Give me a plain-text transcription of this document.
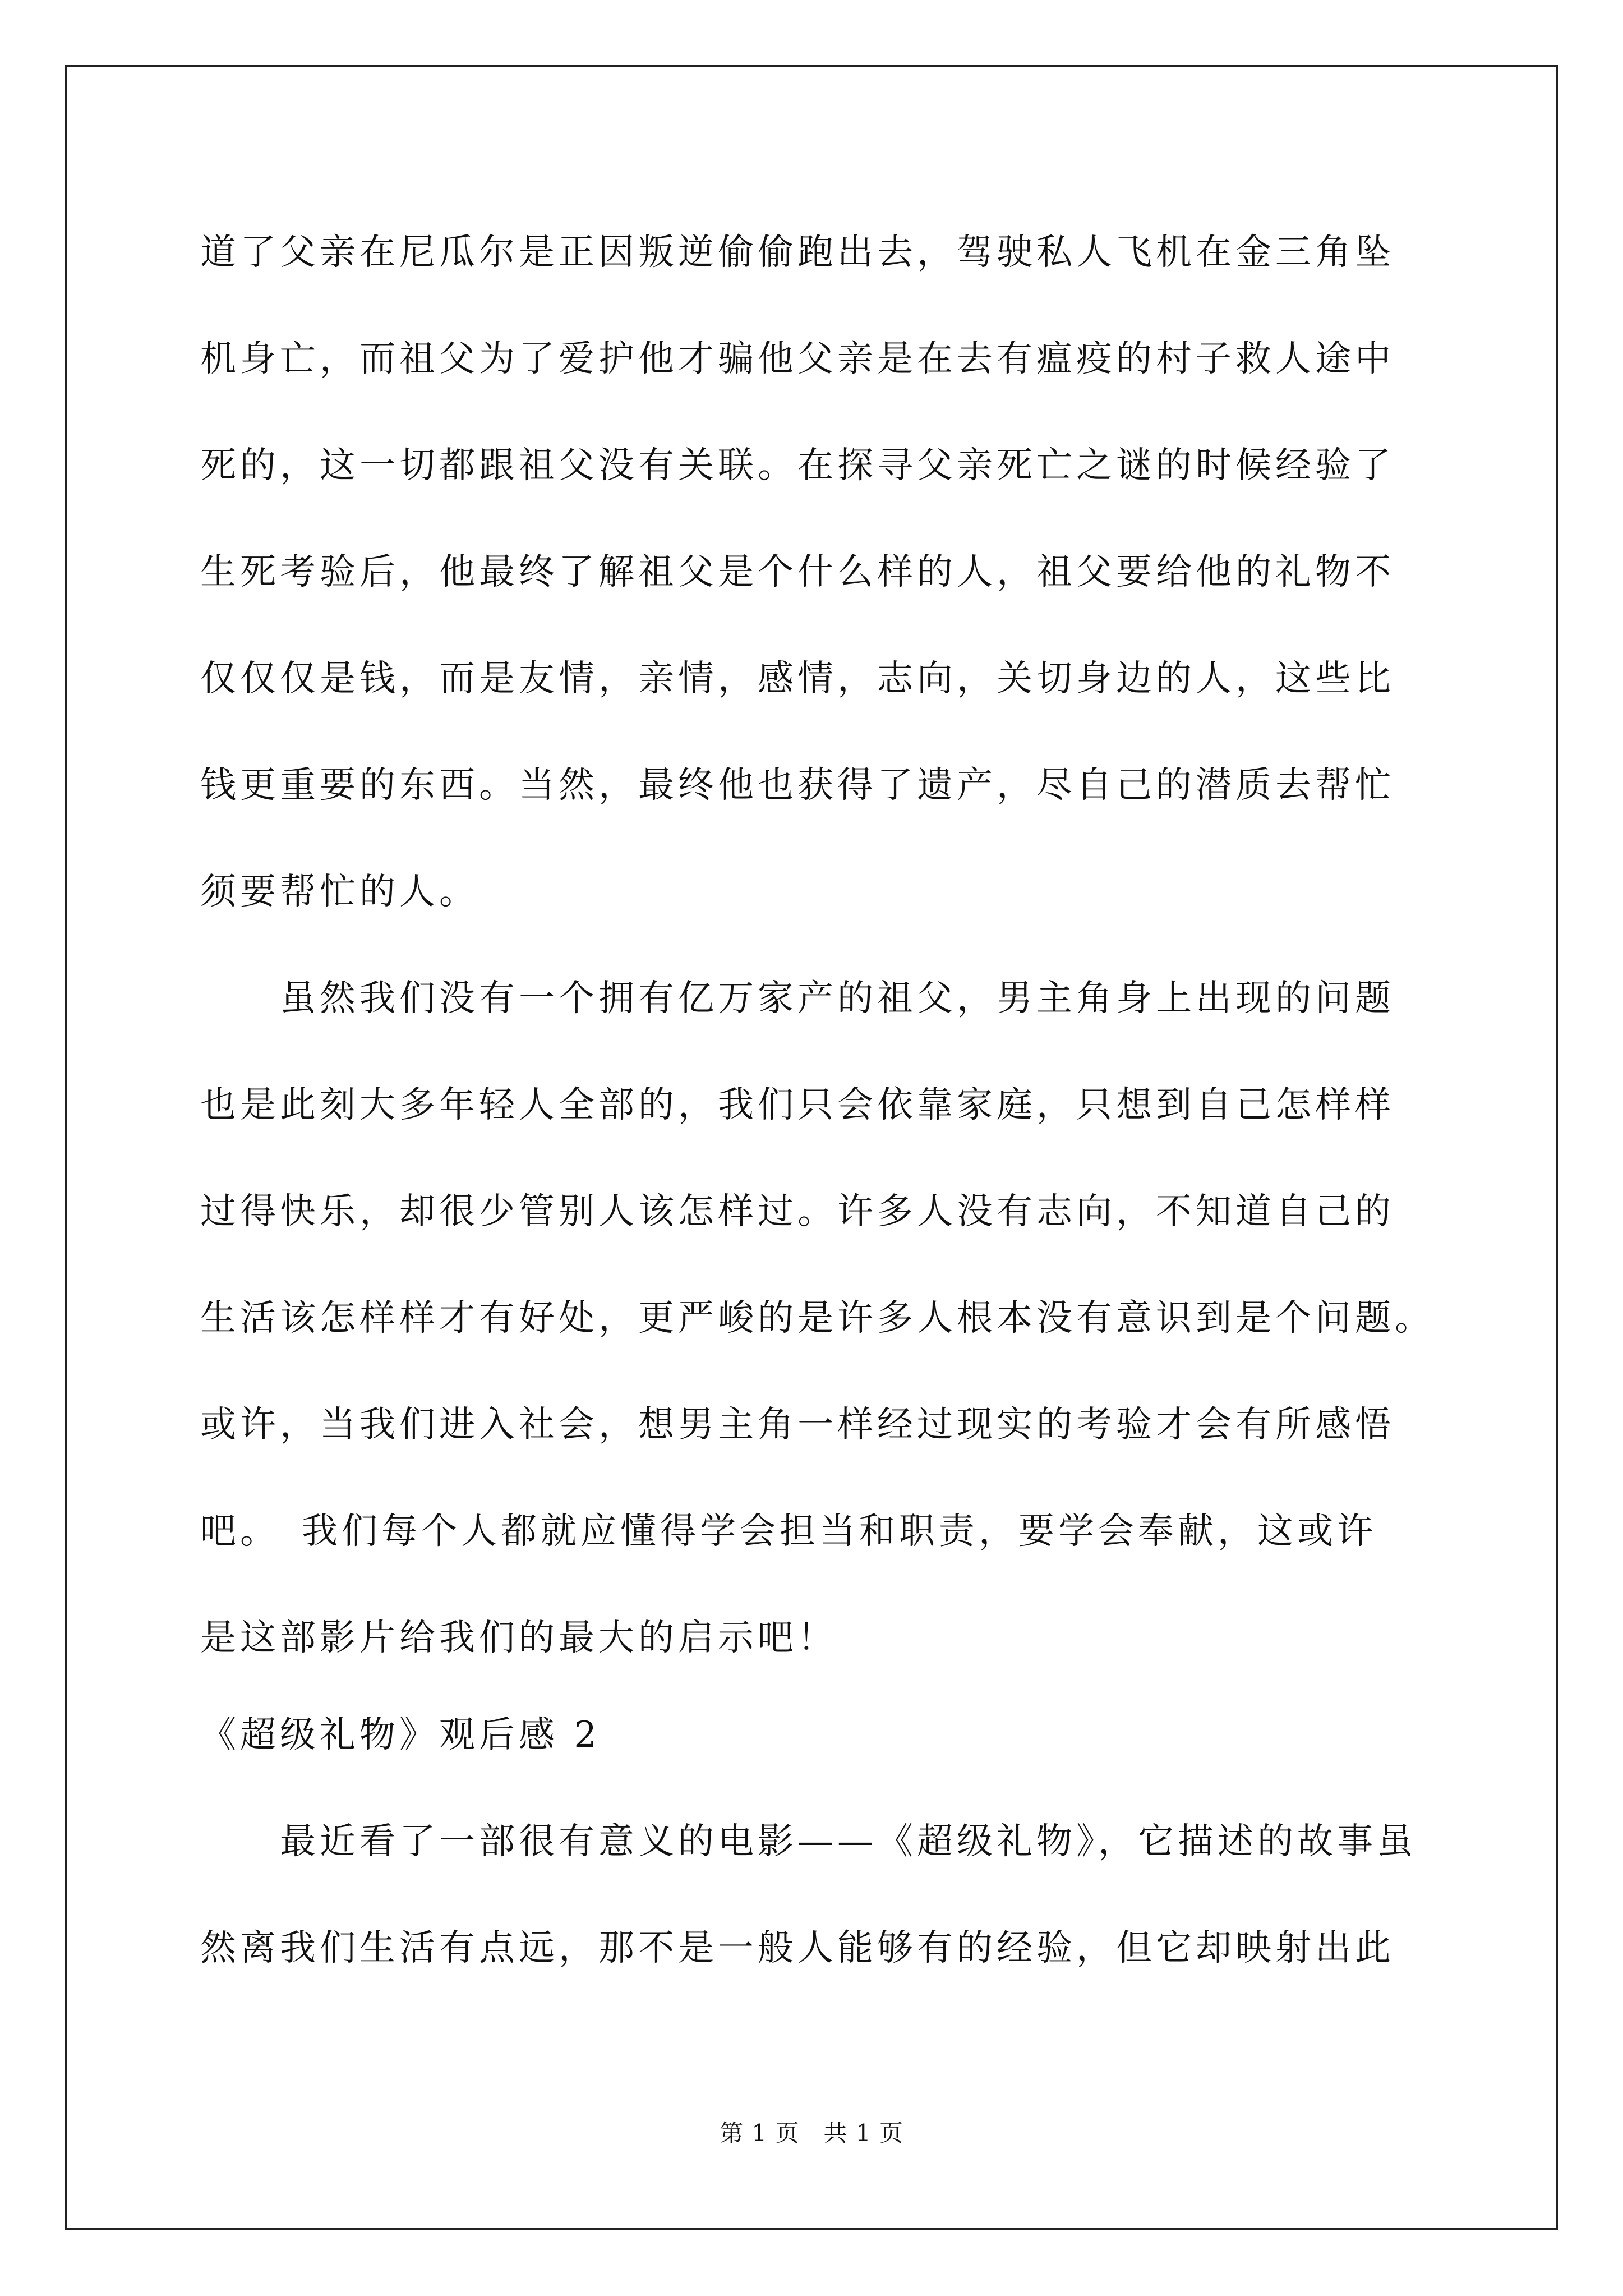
道了父亲在尼瓜尔是正因叛逆偷偷跑出去，驾驶私人飞机在金三角坠
机身亡，而祖父为了爱护他才骗他父亲是在去有瘟疫的村子救人途中
死的，这一切都跟祖父没有关联。在探寻父亲死亡之谜的时候经验了
生死考验后，他最终了解祖父是个什么样的人，祖父要给他的礼物不
仅仅仅是钱，而是友情，亲情，感情，志向，关切身边的人，这些比
钱更重要的东西。当然，最终他也获得了遗产，尽自己的潜质去帮忙
须要帮忙的人。
　　虽然我们没有一个拥有亿万家产的祖父，男主角身上出现的问题
也是此刻大多年轻人全部的，我们只会依靠家庭，只想到自己怎样样
过得快乐，却很少管别人该怎样过。许多人没有志向，不知道自己的
生活该怎样样才有好处，更严峻的是许多人根本没有意识到是个问题。
或许，当我们进入社会，想男主角一样经过现实的考验才会有所感悟
吧。　我们每个人都就应懂得学会担当和职责，要学会奉献，这或许
是这部影片给我们的最大的启示吧！
《超级礼物》观后感 2
　　最近看了一部很有意义的电影——《超级礼物》，它描述的故事虽
然离我们生活有点远，那不是一般人能够有的经验，但它却映射出此
第 1 页　共 1 页
